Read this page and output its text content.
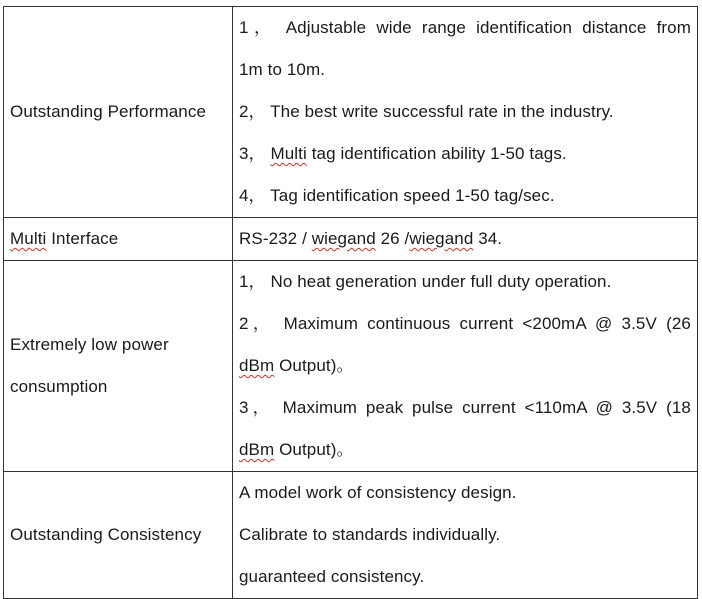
Outstanding Performance	1， Adjustable wide range identification distance from
1m to 10m.
2， The best write successful rate in the industry.
3， Multi tag identification ability 1-50 tags.
4， Tag identification speed 1-50 tag/sec.

Multi Interface	RS-232 / wiegand 26 /wiegand 34.

Extremely low power consumption	1， No heat generation under full duty operation.
2， Maximum continuous current <200mA @ 3.5V (26
dBm Output)。
3， Maximum peak pulse current <110mA @ 3.5V (18
dBm Output)。

Outstanding Consistency	A model work of consistency design.
Calibrate to standards individually.
guaranteed consistency.
